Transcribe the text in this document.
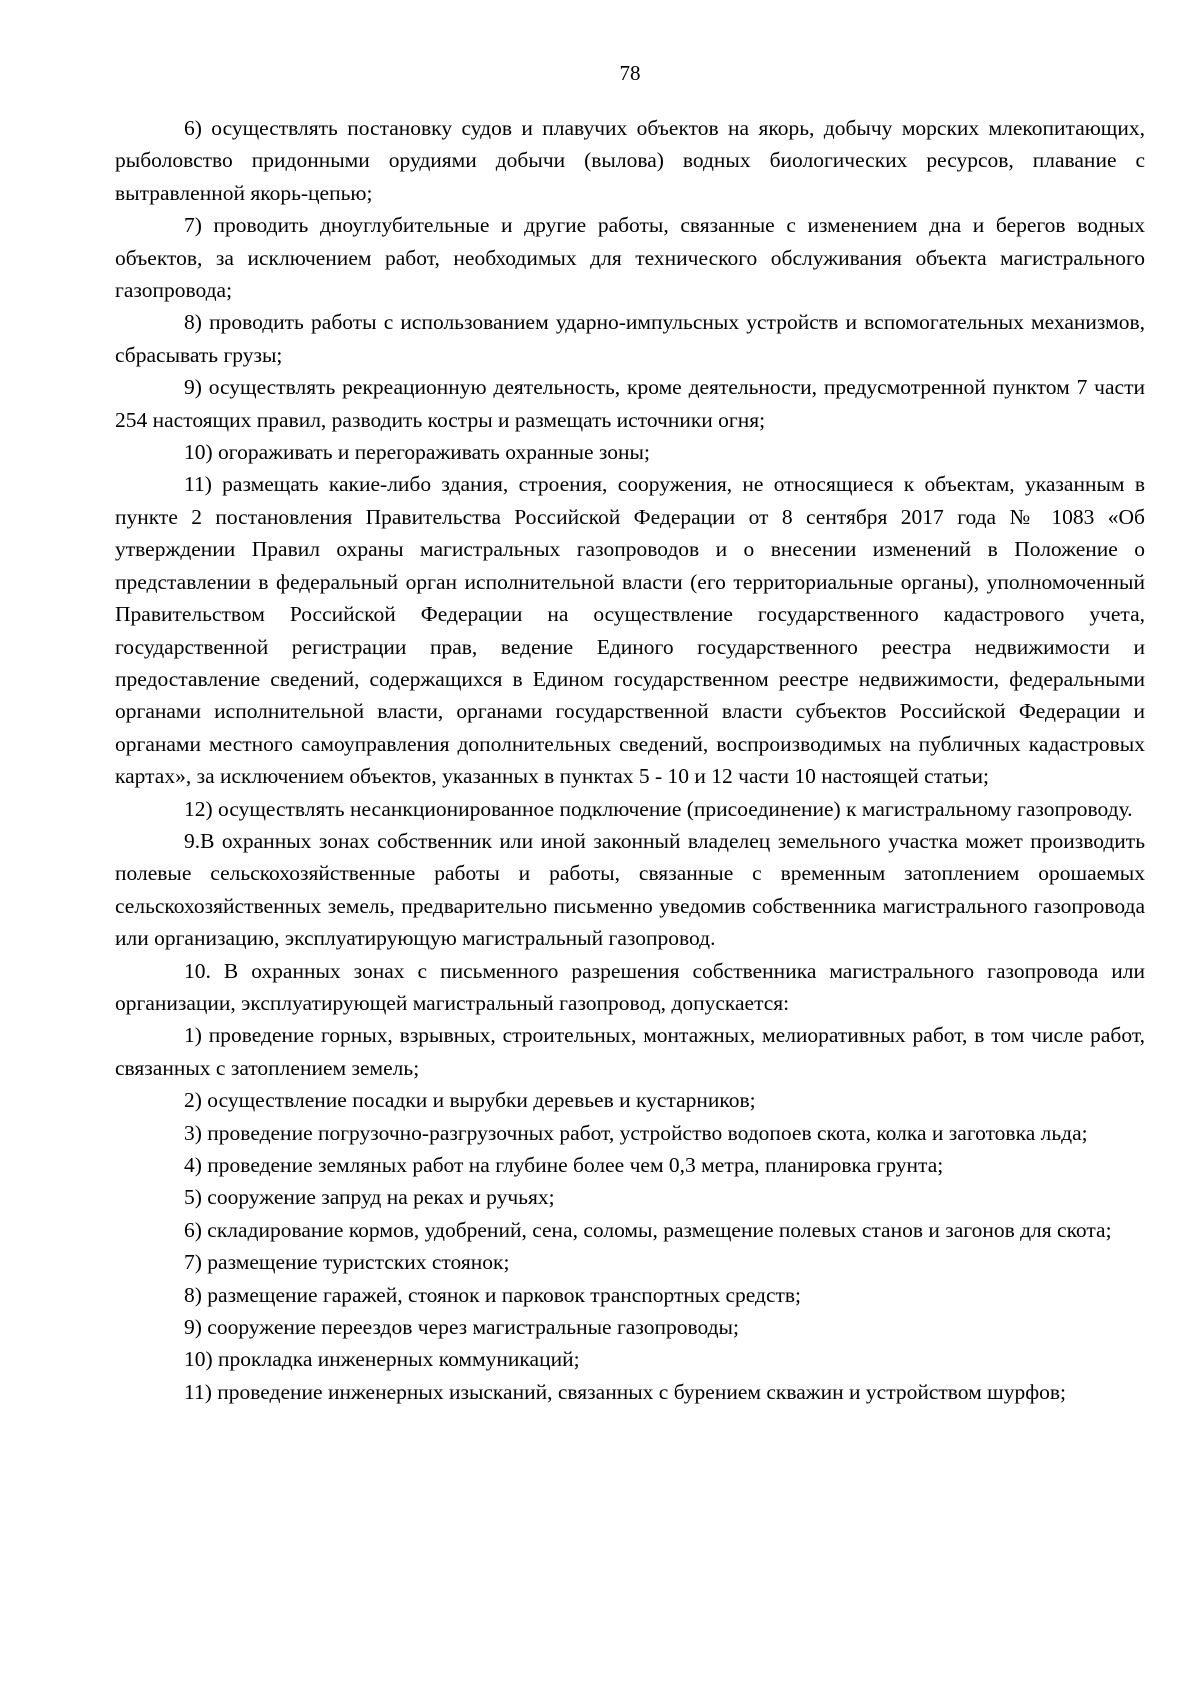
78

6) осуществлять постановку судов и плавучих объектов на якорь, добычу морских млекопитающих, рыболовство придонными орудиями добычи (вылова) водных биологических ресурсов, плавание с вытравленной якорь-цепью;

7) проводить дноуглубительные и другие работы, связанные с изменением дна и берегов водных объектов, за исключением работ, необходимых для технического обслуживания объекта магистрального газопровода;

8) проводить работы с использованием ударно-импульсных устройств и вспомогательных механизмов, сбрасывать грузы;

9) осуществлять рекреационную деятельность, кроме деятельности, предусмотренной пунктом 7 части 254 настоящих правил, разводить костры и размещать источники огня;

10) огораживать и перегораживать охранные зоны;

11) размещать какие-либо здания, строения, сооружения, не относящиеся к объектам, указанным в пункте 2 постановления Правительства Российской Федерации от 8 сентября 2017 года № 1083 «Об утверждении Правил охраны магистральных газопроводов и о внесении изменений в Положение о представлении в федеральный орган исполнительной власти (его территориальные органы), уполномоченный Правительством Российской Федерации на осуществление государственного кадастрового учета, государственной регистрации прав, ведение Единого государственного реестра недвижимости и предоставление сведений, содержащихся в Едином государственном реестре недвижимости, федеральными органами исполнительной власти, органами государственной власти субъектов Российской Федерации и органами местного самоуправления дополнительных сведений, воспроизводимых на публичных кадастровых картах», за исключением объектов, указанных в пунктах 5 - 10 и 12 части 10 настоящей статьи;

12) осуществлять несанкционированное подключение (присоединение) к магистральному газопроводу.

9.В охранных зонах собственник или иной законный владелец земельного участка может производить полевые сельскохозяйственные работы и работы, связанные с временным затоплением орошаемых сельскохозяйственных земель, предварительно письменно уведомив собственника магистрального газопровода или организацию, эксплуатирующую магистральный газопровод.

10. В охранных зонах с письменного разрешения собственника магистрального газопровода или организации, эксплуатирующей магистральный газопровод, допускается:

1) проведение горных, взрывных, строительных, монтажных, мелиоративных работ, в том числе работ, связанных с затоплением земель;

2) осуществление посадки и вырубки деревьев и кустарников;

3) проведение погрузочно-разгрузочных работ, устройство водопоев скота, колка и заготовка льда;

4) проведение земляных работ на глубине более чем 0,3 метра, планировка грунта;

5) сооружение запруд на реках и ручьях;

6) складирование кормов, удобрений, сена, соломы, размещение полевых станов и загонов для скота;

7) размещение туристских стоянок;

8) размещение гаражей, стоянок и парковок транспортных средств;

9) сооружение переездов через магистральные газопроводы;

10) прокладка инженерных коммуникаций;

11) проведение инженерных изысканий, связанных с бурением скважин и устройством шурфов;
